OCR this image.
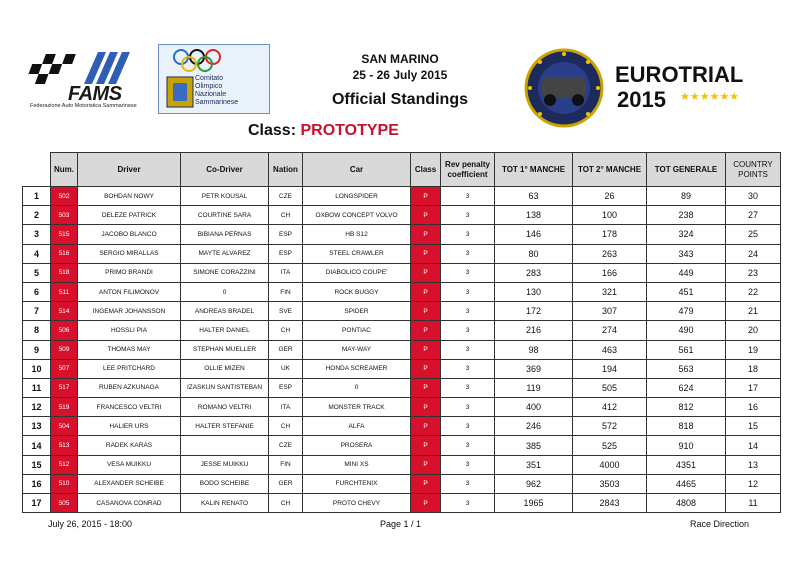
FAMS
Federazione Auto Motoristica Sammarinese
Comitato
Olimpico
Nazionale
Sammarinese
SAN MARINO
25 - 26 July 2015
Official Standings
Class: PROTOTYPE
EUROTRIAL
2015 ★★★★★★
	Num.	Driver	Co-Driver	Nation	Car	Class	Rev penalty coefficient	TOT 1° MANCHE	TOT 2° MANCHE	TOT GENERALE	COUNTRY POINTS
1	502	BOHDAN NOWY	PETR KOUSAL	CZE	LONGSPIDER	P	3	63	26	89	30
2	503	DELEZE PATRICK	COURTINE SARA	CH	OXBOW CONCEPT VOLVO	P	3	138	100	238	27
3	515	JACOBO BLANCO	BIBIANA PERNAS	ESP	HB S12	P	3	146	178	324	25
4	516	SERGIO MIRALLAS	MAYTE ALVAREZ	ESP	STEEL CRAWLER	P	3	80	263	343	24
5	518	PRIMO BRANDI	SIMONE CORAZZINI	ITA	DIABOLICO COUPE'	P	3	283	166	449	23
6	511	ANTON FILIMONOV	0	FIN	ROCK BUGGY	P	3	130	321	451	22
7	514	INGEMAR JOHANSSON	ANDREAS BRADEL	SVE	SPIDER	P	3	172	307	479	21
8	506	HOSSLI PIA	HALTER DANIEL	CH	PONTIAC	P	3	216	274	490	20
9	509	THOMAS MAY	STEPHAN MUELLER	GER	MAY-WAY	P	3	98	463	561	19
10	507	LEE PRITCHARD	OLLIE MIZEN	UK	HONDA SCREAMER	P	3	369	194	563	18
11	517	RUBEN AZKUNAGA	IZASKUN SANTISTEBAN	ESP	0	P	3	119	505	624	17
12	519	FRANCESCO VELTRI	ROMANO VELTRI	ITA	MONSTER TRACK	P	3	400	412	812	16
13	504	HALIER URS	HALTER STEFANIE	CH	ALFA	P	3	246	572	818	15
14	513	RADEK KARAS		CZE	PROSERA	P	3	385	525	910	14
15	512	VESA MUIKKU	JESSE MUIKKU	FIN	MINI XS	P	3	351	4000	4351	13
16	510	ALEXANDER SCHEIBE	BODO SCHEIBE	GER	FURCHTENIX	P	3	962	3503	4465	12
17	505	CASANOVA CONRAD	KALIN RENATO	CH	PROTO CHEVY	P	3	1965	2843	4808	11
July 26, 2015 - 18:00	Page 1 / 1	Race Direction
